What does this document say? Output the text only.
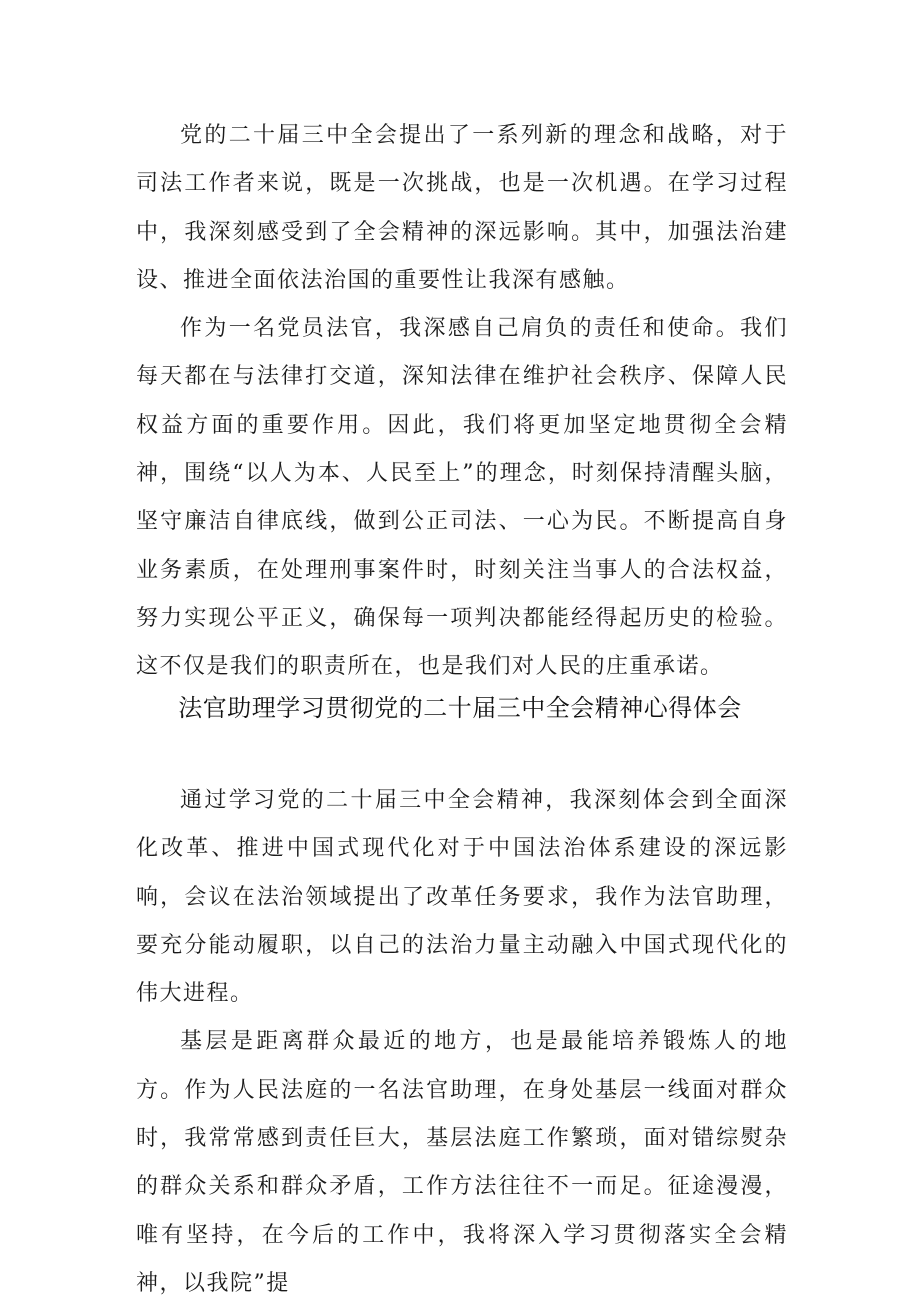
党的二十届三中全会提出了一系列新的理念和战略，对于司法工作者来说，既是一次挑战，也是一次机遇。在学习过程中，我深刻感受到了全会精神的深远影响。其中，加强法治建设、推进全面依法治国的重要性让我深有感触。

作为一名党员法官，我深感自己肩负的责任和使命。我们每天都在与法律打交道，深知法律在维护社会秩序、保障人民权益方面的重要作用。因此，我们将更加坚定地贯彻全会精神，围绕“以人为本、人民至上”的理念，时刻保持清醒头脑，坚守廉洁自律底线，做到公正司法、一心为民。不断提高自身业务素质，在处理刑事案件时，时刻关注当事人的合法权益，努力实现公平正义，确保每一项判决都能经得起历史的检验。这不仅是我们的职责所在，也是我们对人民的庄重承诺。

法官助理学习贯彻党的二十届三中全会精神心得体会

通过学习党的二十届三中全会精神，我深刻体会到全面深化改革、推进中国式现代化对于中国法治体系建设的深远影响，会议在法治领域提出了改革任务要求，我作为法官助理，要充分能动履职，以自己的法治力量主动融入中国式现代化的伟大进程。

基层是距离群众最近的地方，也是最能培养锻炼人的地方。作为人民法庭的一名法官助理，在身处基层一线面对群众时，我常常感到责任巨大，基层法庭工作繁琐，面对错综熨杂的群众关系和群众矛盾，工作方法往往不一而足。征途漫漫，唯有坚持，在今后的工作中，我将深入学习贯彻落实全会精神，以我院”提
